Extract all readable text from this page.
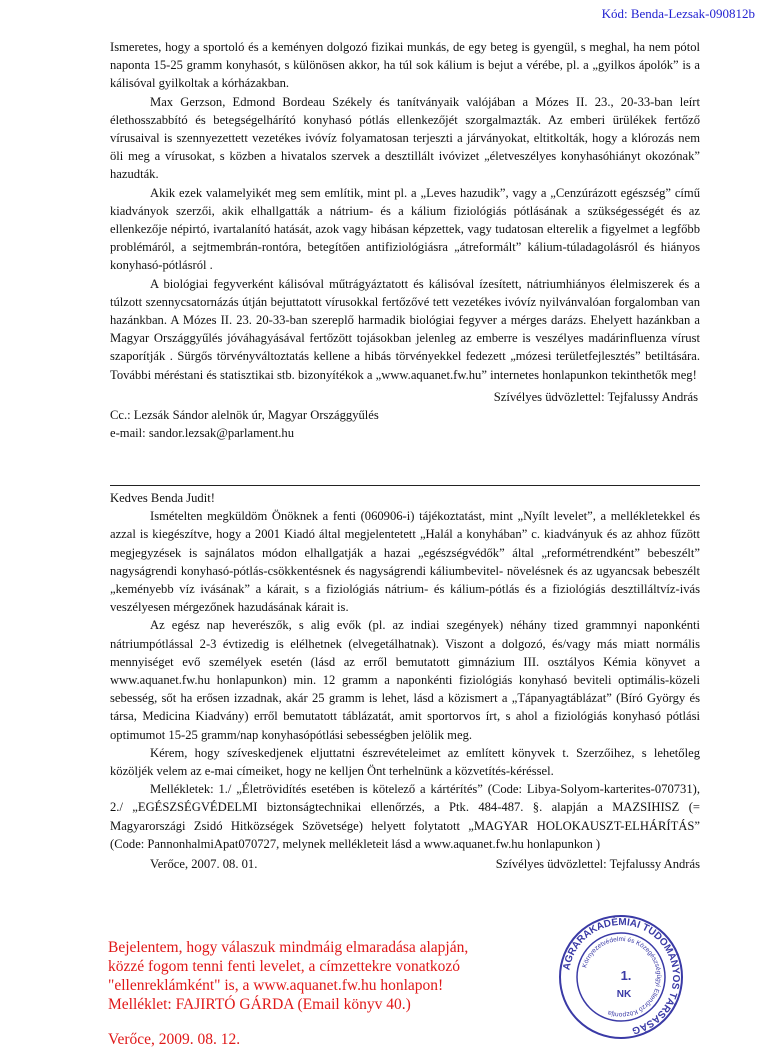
Kód: Benda-Lezsak-090812b

Ismeretes, hogy a sportoló és a keményen dolgozó fizikai munkás, de egy beteg is gyengül, s meghal, ha nem pótol naponta 15-25 gramm konyhasót, s különösen akkor, ha túl sok kálium is bejut a vérébe, pl. a „gyilkos ápolók” is a kálisóval gyilkoltak a kórházakban.

Max Gerzson, Edmond Bordeau Székely és tanítványaik valójában a Mózes II. 23., 20-33-ban leírt élethosszabbító és betegségelhárító konyhasó pótlás ellenkezőjét szorgalmazták. Az emberi ürülékek fertőző vírusaival is szennyezettett vezetékes ivóvíz folyamatosan terjeszti a járványokat, eltitkolták, hogy a klórozás nem öli meg a vírusokat, s közben a hivatalos szervek a desztillált ivóvizet „életveszélyes konyhasóhiányt okozónak” hazudták.

Akik ezek valamelyikét meg sem említik, mint pl. a „Leves hazudik”, vagy a „Cenzúrázott egészség” című kiadványok szerzői, akik elhallgatták a nátrium- és a kálium fiziológiás pótlásának a szükségességét és az ellenkezője népirtó, ivartalanító hatását, azok vagy hibásan képzettek, vagy tudatosan elterelik a figyelmet a legfőbb problémáról, a sejtmembrán-rontóra, betegítően antifiziológiásra „átreformált” kálium-túladagolásról és hiányos konyhasó-pótlásról .

A biológiai fegyverként kálisóval műtrágyáztatott és kálisóval ízesített, nátriumhiányos élelmiszerek és a túlzott szennycsatornázás útján bejuttatott vírusokkal fertőzővé tett vezetékes ivóvíz nyilvánvalóan forgalomban van hazánkban. A Mózes II. 23. 20-33-ban szereplő harmadik biológiai fegyver a mérges darázs. Ehelyett hazánkban a Magyar Országgyűlés jóváhagyásával fertőzött tojásokban jelenleg az emberre is veszélyes madárinfluenza vírust szaporítják . Sürgős törvényváltoztatás kellene a hibás törvényekkel fedezett „mózesi területfejlesztés” betiltására. További méréstani és statisztikai stb. bizonyítékok a „www.aquanet.fw.hu” internetes honlapunkon tekinthetők meg!

Szívélyes üdvözlettel: Tejfalussy András

Cc.: Lezsák Sándor alelnök úr, Magyar Országgyűlés

e-mail: sandor.lezsak@parlament.hu

Kedves Benda Judit!

Ismételten megküldöm Önöknek a fenti (060906-i) tájékoztatást, mint „Nyílt levelet”, a mellékletekkel és azzal is kiegészítve, hogy a 2001 Kiadó által megjelentetett „Halál a konyhában” c. kiadványuk és az ahhoz fűzött megjegyzések is sajnálatos módon elhallgatják a hazai „egészségvédők” által „reformétrendként” bebeszélt” nagyságrendi konyhasó-pótlás-csökkentésnek és nagyságrendi káliumbevitel- növelésnek és az ugyancsak bebeszélt „keményebb víz ivásának” a kárait, s a fiziológiás nátrium- és kálium-pótlás és a fiziológiás desztilláltvíz-ivás veszélyesen mérgezőnek hazudásának kárait is.

Az egész nap heverészők, s alig evők (pl. az indiai szegények) néhány tized grammnyi naponkénti nátriumpótlással 2-3 évtizedig is elélhetnek (elvegetálhatnak). Viszont a dolgozó, és/vagy más miatt normális mennyiséget evő személyek esetén (lásd az erről bemutatott gimnázium III. osztályos Kémia könyvet a www.aquanet.fw.hu honlapunkon) min. 12 gramm a naponkénti fiziológiás konyhasó beviteli optimális-közeli sebesség, sőt ha erősen izzadnak, akár 25 gramm is lehet, lásd a közismert a „Tápanyagtáblázat” (Bíró György és társa, Medicina Kiadvány) erről bemutatott táblázatát, amit sportorvos írt, s ahol a fiziológiás konyhasó pótlási optimumot 15-25 gramm/nap konyhasópótlási sebességben jelölik meg.

Kérem, hogy szíveskedjenek eljuttatni észrevételeimet az említett könyvek t. Szerzőihez, s lehetőleg közöljék velem az e-mai címeiket, hogy ne kelljen Önt terhelnünk a közvetítés-kéréssel.

Mellékletek: 1./ „Életrövidítés esetében is kötelező a kártérítés” (Code: Libya-Solyom-karterites-070731), 2./ „EGÉSZSÉGVÉDELMI biztonságtechnikai ellenőrzés, a Ptk. 484-487. §. alapján a MAZSIHISZ (= Magyarországi Zsidó Hitközségek Szövetsége) helyett folytatott „MAGYAR HOLOKAUSZT-ELHÁRÍTÁS” (Code: PannonhalmiApat070727, melynek mellékleteit lásd a www.aquanet.fw.hu honlapunkon )

Verőce, 2007. 08. 01.	Szívélyes üdvözlettel: Tejfalussy András
Bejelentem, hogy válaszuk mindmáig elmaradása alapján,
közzé fogom tenni fenti levelet, a címzettekre vonatkozó
"ellenreklámként" is, a www.aquanet.fw.hu honlapon!
Melléklet: FAJIRTÓ GÁRDA (Email könyv 40.)
Verőce, 2009. 08. 12.
AGRÁRAKADÉMIAI TUDOMÁNYOS TÁRSASÁG
Környezetvédelmi és Közegészségügyi Ellenőrző Központja
1.
NK
